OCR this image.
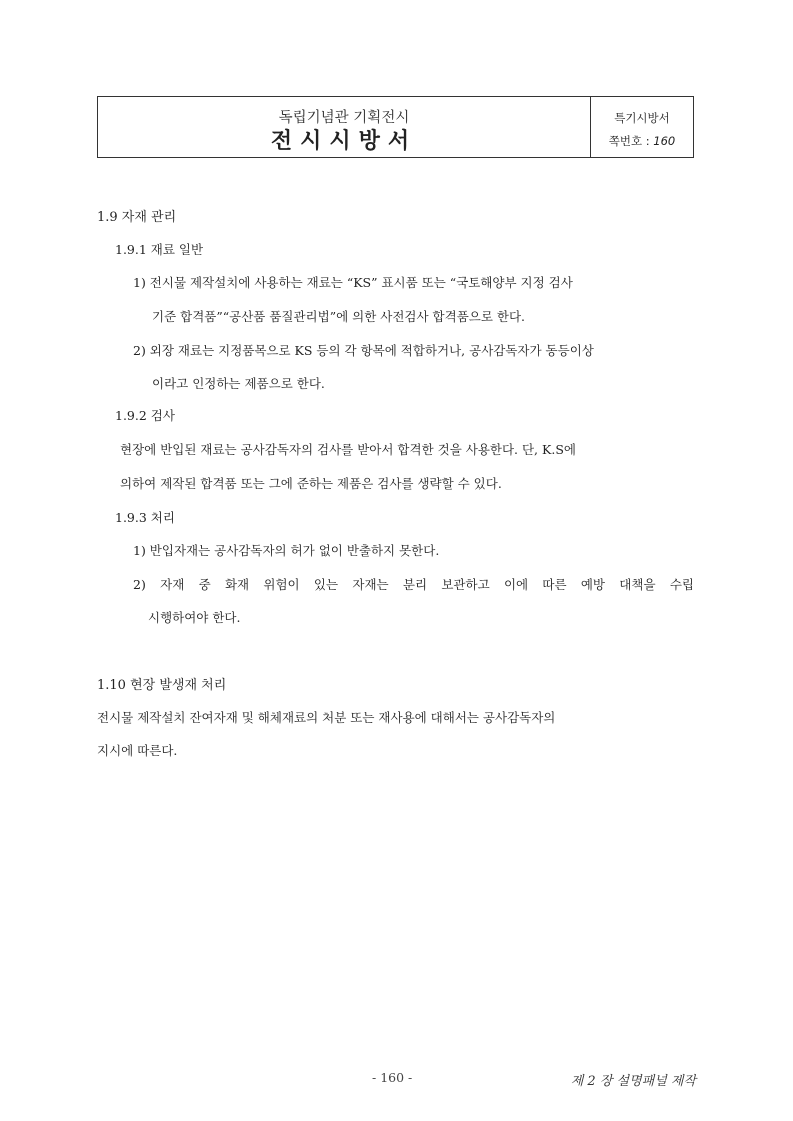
독립기념관 기획전시
전시시방서
특기시방서
쪽번호 : 160
1.9 자재 관리
1.9.1 재료 일반
1) 전시물 제작설치에 사용하는 재료는 “KS” 표시품 또는 “국토해양부 지정 검사
기준 합격품”“공산품 품질관리법”에 의한 사전검사 합격품으로 한다.
2) 외장 재료는 지정품목으로 KS 등의 각 항목에 적합하거나, 공사감독자가 동등이상
이라고 인정하는 제품으로 한다.
1.9.2 검사
현장에 반입된 재료는 공사감독자의 검사를 받아서 합격한 것을 사용한다. 단, K.S에
의하여 제작된 합격품 또는 그에 준하는 제품은 검사를 생략할 수 있다.
1.9.3 처리
1) 반입자재는 공사감독자의 허가 없이 반출하지 못한다.
2) 자재 중 화재 위험이 있는 자재는 분리 보관하고 이에 따른 예방 대책을 수립
시행하여야 한다.
1.10 현장 발생재 처리
전시물 제작설치 잔여자재 및 해체재료의 처분 또는 재사용에 대해서는 공사감독자의
지시에 따른다.
- 160 -	제 2 장 설명패널 제작
